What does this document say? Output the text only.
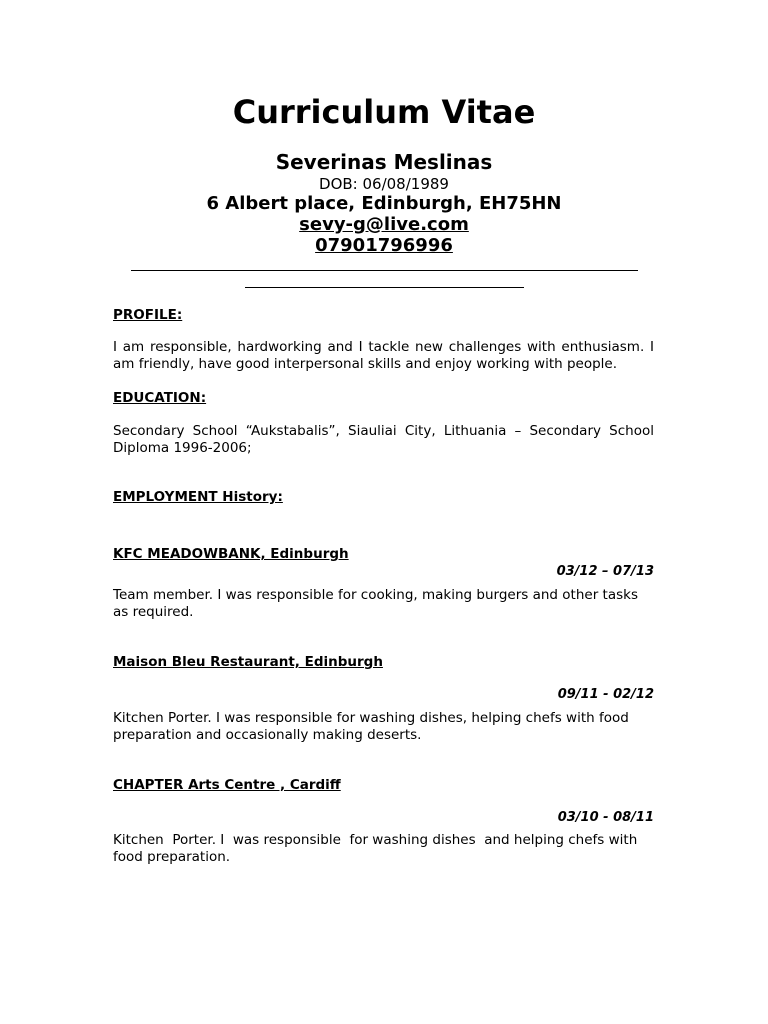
Curriculum Vitae
Severinas Meslinas
DOB: 06/08/1989
6 Albert place, Edinburgh, EH75HN
sevy-g@live.com
07901796996
PROFILE:
I am responsible, hardworking and I tackle new challenges with enthusiasm. I am friendly, have good interpersonal skills and enjoy working with people.
EDUCATION:
Secondary School “Aukstabalis”, Siauliai City, Lithuania – Secondary School Diploma 1996-2006;
EMPLOYMENT History:
KFC MEADOWBANK, Edinburgh
03/12 – 07/13
Team member. I was responsible for cooking, making burgers and other tasks as required.
Maison Bleu Restaurant, Edinburgh
09/11 - 02/12
Kitchen Porter. I was responsible for washing dishes, helping chefs with food preparation and occasionally making deserts.
CHAPTER Arts Centre , Cardiff
03/10 - 08/11
Kitchen  Porter. I  was responsible  for washing dishes  and helping chefs with food preparation.
